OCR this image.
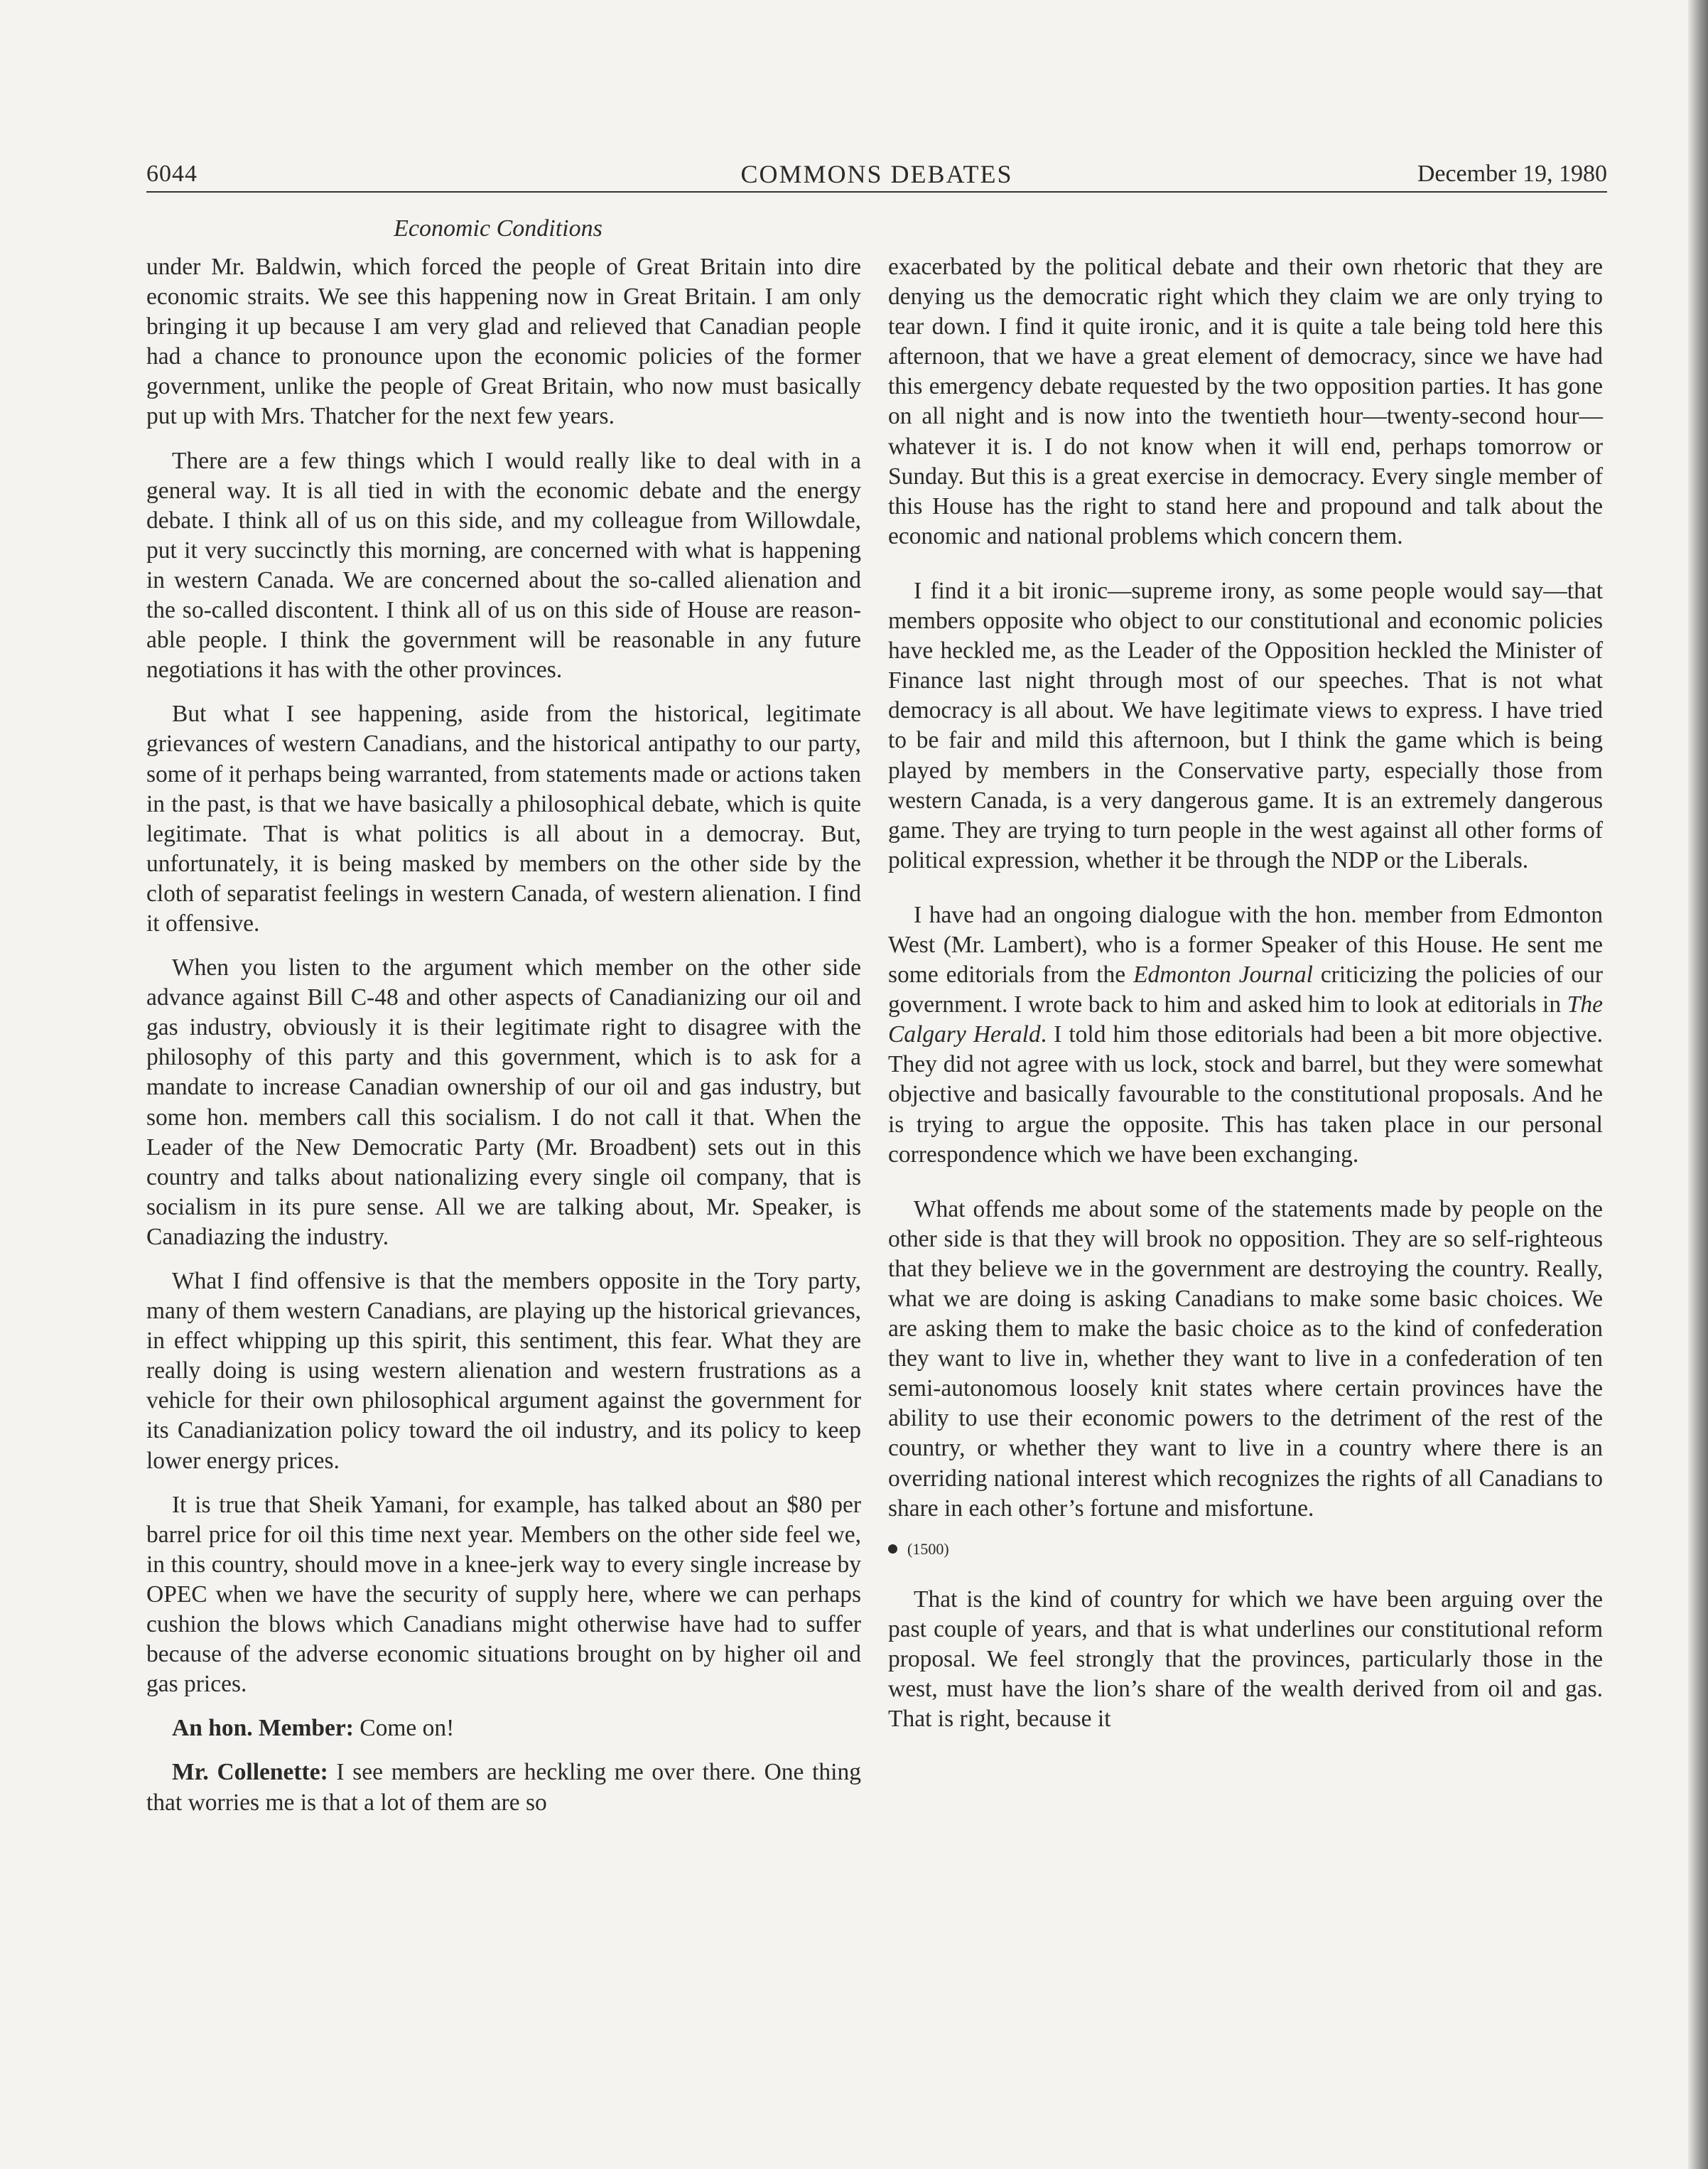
6044	COMMONS DEBATES	December 19, 1980
Economic Conditions

under Mr. Baldwin, which forced the people of Great Britain into dire economic straits. We see this happening now in Great Britain. I am only bringing it up because I am very glad and relieved that Canadian people had a chance to pronounce upon the economic policies of the former government, unlike the people of Great Britain, who now must basically put up with Mrs. Thatcher for the next few years.

There are a few things which I would really like to deal with in a general way. It is all tied in with the economic debate and the energy debate. I think all of us on this side, and my colleague from Willowdale, put it very succinctly this morning, are concerned with what is happening in western Canada. We are concerned about the so-called alienation and the so-called discontent. I think all of us on this side of House are reasonable people. I think the government will be reasonable in any future negotiations it has with the other provinces.

But what I see happening, aside from the historical, legitimate grievances of western Canadians, and the historical antipathy to our party, some of it perhaps being warranted, from statements made or actions taken in the past, is that we have basically a philosophical debate, which is quite legitimate. That is what politics is all about in a democray. But, unfortunately, it is being masked by members on the other side by the cloth of separatist feelings in western Canada, of western alienation. I find it offensive.

When you listen to the argument which member on the other side advance against Bill C-48 and other aspects of Canadianizing our oil and gas industry, obviously it is their legitimate right to disagree with the philosophy of this party and this government, which is to ask for a mandate to increase Canadian ownership of our oil and gas industry, but some hon. members call this socialism. I do not call it that. When the Leader of the New Democratic Party (Mr. Broadbent) sets out in this country and talks about nationalizing every single oil company, that is socialism in its pure sense. All we are talking about, Mr. Speaker, is Canadiazing the industry.

What I find offensive is that the members opposite in the Tory party, many of them western Canadians, are playing up the historical grievances, in effect whipping up this spirit, this sentiment, this fear. What they are really doing is using western alienation and western frustrations as a vehicle for their own philosophical argument against the government for its Canadianization policy toward the oil industry, and its policy to keep lower energy prices.

It is true that Sheik Yamani, for example, has talked about an $80 per barrel price for oil this time next year. Members on the other side feel we, in this country, should move in a knee-jerk way to every single increase by OPEC when we have the security of supply here, where we can perhaps cushion the blows which Canadians might otherwise have had to suffer because of the adverse economic situations brought on by higher oil and gas prices.

An hon. Member: Come on!

Mr. Collenette: I see members are heckling me over there. One thing that worries me is that a lot of them are so

exacerbated by the political debate and their own rhetoric that they are denying us the democratic right which they claim we are only trying to tear down. I find it quite ironic, and it is quite a tale being told here this afternoon, that we have a great element of democracy, since we have had this emergency debate requested by the two opposition parties. It has gone on all night and is now into the twentieth hour—twenty-second hour—whatever it is. I do not know when it will end, perhaps tomorrow or Sunday. But this is a great exercise in democracy. Every single member of this House has the right to stand here and propound and talk about the economic and national problems which concern them.

I find it a bit ironic—supreme irony, as some people would say—that members opposite who object to our constitutional and economic policies have heckled me, as the Leader of the Opposition heckled the Minister of Finance last night through most of our speeches. That is not what democracy is all about. We have legitimate views to express. I have tried to be fair and mild this afternoon, but I think the game which is being played by members in the Conservative party, especially those from western Canada, is a very dangerous game. It is an extremely dangerous game. They are trying to turn people in the west against all other forms of political expression, whether it be through the NDP or the Liberals.

I have had an ongoing dialogue with the hon. member from Edmonton West (Mr. Lambert), who is a former Speaker of this House. He sent me some editorials from the Edmonton Journal criticizing the policies of our government. I wrote back to him and asked him to look at editorials in The Calgary Herald. I told him those editorials had been a bit more objective. They did not agree with us lock, stock and barrel, but they were somewhat objective and basically favourable to the constitutional proposals. And he is trying to argue the opposite. This has taken place in our personal correspondence which we have been exchanging.

What offends me about some of the statements made by people on the other side is that they will brook no opposition. They are so self-righteous that they believe we in the government are destroying the country. Really, what we are doing is asking Canadians to make some basic choices. We are asking them to make the basic choice as to the kind of confederation they want to live in, whether they want to live in a confederation of ten semi-autonomous loosely knit states where certain provinces have the ability to use their economic powers to the detriment of the rest of the country, or whether they want to live in a country where there is an overriding national interest which recognizes the rights of all Canadians to share in each other’s fortune and misfortune.

(1500)

That is the kind of country for which we have been arguing over the past couple of years, and that is what underlines our constitutional reform proposal. We feel strongly that the provinces, particularly those in the west, must have the lion’s share of the wealth derived from oil and gas. That is right, because it
